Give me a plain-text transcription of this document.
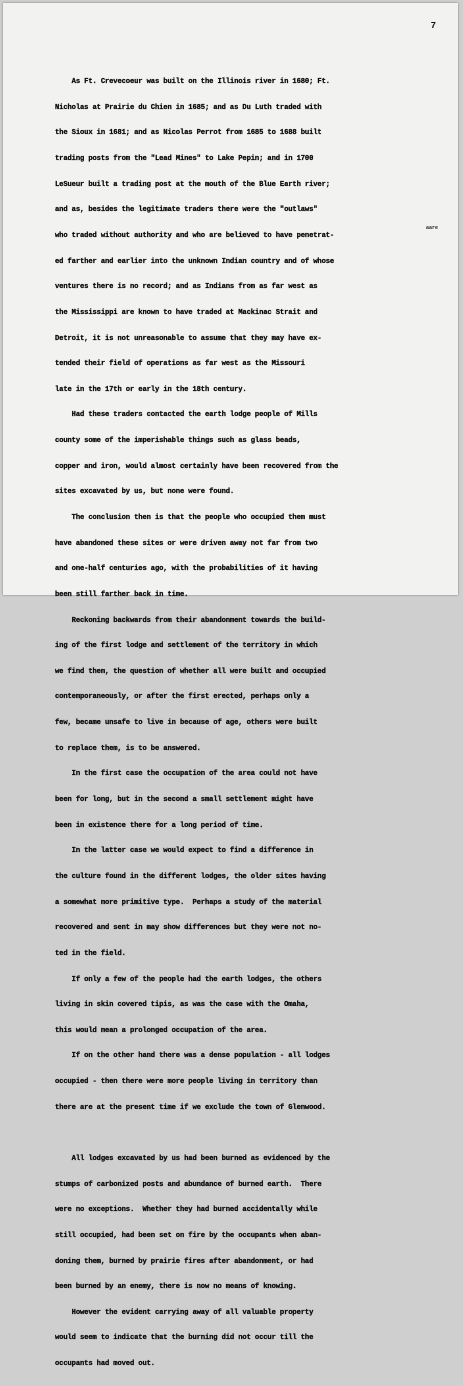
7
aare

As Ft. Crevecoeur was built on the Illinois river in 1680; Ft.

Nicholas at Prairie du Chien in 1685; and as Du Luth traded with

the Sioux in 1681; and as Nicolas Perrot from 1685 to 1688 built

trading posts from the "Lead Mines" to Lake Pepin; and in 1700

LeSueur built a trading post at the mouth of the Blue Earth river;

and as, besides the legitimate traders there were the "outlaws"

who traded without authority and who are believed to have penetrat-

ed farther and earlier into the unknown Indian country and of whose

ventures there is no record; and as Indians from as far west as

the Mississippi are known to have traded at Mackinac Strait and

Detroit, it is not unreasonable to assume that they may have ex-

tended their field of operations as far west as the Missouri

late in the 17th or early in the 18th century.

Had these traders contacted the earth lodge people of Mills

county some of the imperishable things such as glass beads,

copper and iron, would almost certainly have been recovered from the

sites excavated by us, but none were found.

The conclusion then is that the people who occupied them must

have abandoned these sites or were driven away not far from two

and one-half centuries ago, with the probabilities of it having

been still farther back in time.

Reckoning backwards from their abandonment towards the build-

ing of the first lodge and settlement of the territory in which

we find them, the question of whether all were built and occupied

contemporaneously, or after the first erected, perhaps only a

few, became unsafe to live in because of age, others were built

to replace them, is to be answered.

In the first case the occupation of the area could not have

been for long, but in the second a small settlement might have

been in existence there for a long period of time.

In the latter case we would expect to find a difference in

the culture found in the different lodges, the older sites having

a somewhat more primitive type.  Perhaps a study of the material

recovered and sent in may show differences but they were not no-

ted in the field.

If only a few of the people had the earth lodges, the others

living in skin covered tipis, as was the case with the Omaha,

this would mean a prolonged occupation of the area.

If on the other hand there was a dense population - all lodges

occupied - then there were more people living in territory than

there are at the present time if we exclude the town of Glenwood.

All lodges excavated by us had been burned as evidenced by the

stumps of carbonized posts and abundance of burned earth.  There

were no exceptions.  Whether they had burned accidentally while

still occupied, had been set on fire by the occupants when aban-

doning them, burned by prairie fires after abandonment, or had

been burned by an enemy, there is now no means of knowing.

However the evident carrying away of all valuable property

would seem to indicate that the burning did not occur till the

occupants had moved out.
